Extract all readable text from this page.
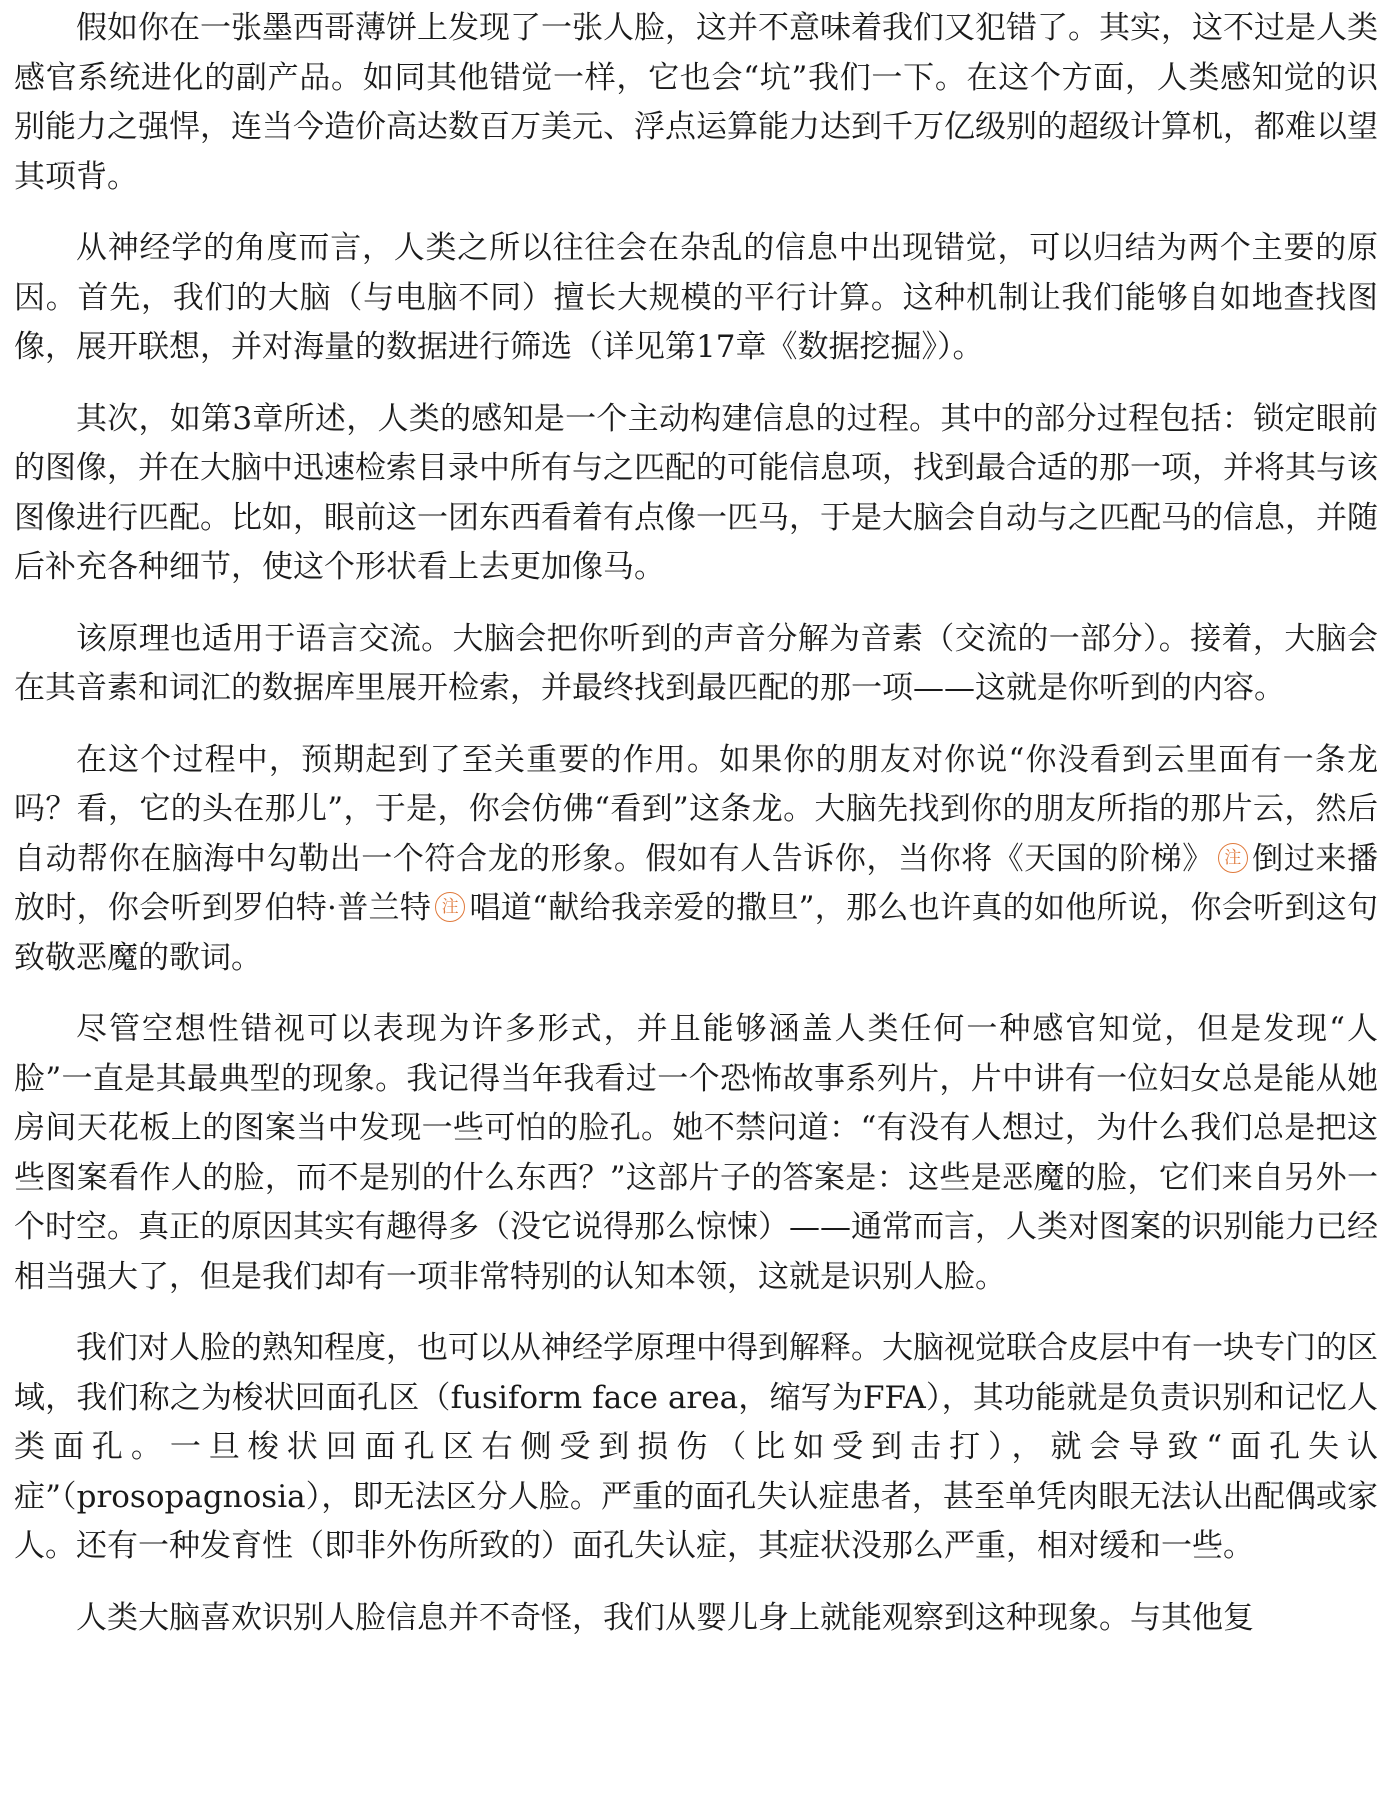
假如你在一张墨西哥薄饼上发现了一张人脸，这并不意味着我们又犯错了。其实，这不过是人类感官系统进化的副产品。如同其他错觉一样，它也会“坑”我们一下。在这个方面，人类感知觉的识别能力之强悍，连当今造价高达数百万美元、浮点运算能力达到千万亿级别的超级计算机，都难以望其项背。

从神经学的角度而言，人类之所以往往会在杂乱的信息中出现错觉，可以归结为两个主要的原因。首先，我们的大脑（与电脑不同）擅长大规模的平行计算。这种机制让我们能够自如地查找图像，展开联想，并对海量的数据进行筛选（详见第17章《数据挖掘》）。

其次，如第3章所述，人类的感知是一个主动构建信息的过程。其中的部分过程包括：锁定眼前的图像，并在大脑中迅速检索目录中所有与之匹配的可能信息项，找到最合适的那一项，并将其与该图像进行匹配。比如，眼前这一团东西看着有点像一匹马，于是大脑会自动与之匹配马的信息，并随后补充各种细节，使这个形状看上去更加像马。

该原理也适用于语言交流。大脑会把你听到的声音分解为音素（交流的一部分）。接着，大脑会在其音素和词汇的数据库里展开检索，并最终找到最匹配的那一项——这就是你听到的内容。

在这个过程中，预期起到了至关重要的作用。如果你的朋友对你说“你没看到云里面有一条龙吗？看，它的头在那儿”，于是，你会仿佛“看到”这条龙。大脑先找到你的朋友所指的那片云，然后自动帮你在脑海中勾勒出一个符合龙的形象。假如有人告诉你，当你将《天国的阶梯》 注 倒过来播放时，你会听到罗伯特·普兰特 注 唱道“献给我亲爱的撒旦”，那么也许真的如他所说，你会听到这句致敬恶魔的歌词。

尽管空想性错视可以表现为许多形式，并且能够涵盖人类任何一种感官知觉，但是发现“人脸”一直是其最典型的现象。我记得当年我看过一个恐怖故事系列片，片中讲有一位妇女总是能从她房间天花板上的图案当中发现一些可怕的脸孔。她不禁问道：“有没有人想过，为什么我们总是把这些图案看作人的脸，而不是别的什么东西？”这部片子的答案是：这些是恶魔的脸，它们来自另外一个时空。真正的原因其实有趣得多（没它说得那么惊悚）——通常而言，人类对图案的识别能力已经相当强大了，但是我们却有一项非常特别的认知本领，这就是识别人脸。

我们对人脸的熟知程度，也可以从神经学原理中得到解释。大脑视觉联合皮层中有一块专门的区域，我们称之为梭状回面孔区（fusiform face area，缩写为FFA），其功能就是负责识别和记忆人类面孔。一旦梭状回面孔区右侧受到损伤（比如受到击打），就会导致“面孔失认症”（prosopagnosia），即无法区分人脸。严重的面孔失认症患者，甚至单凭肉眼无法认出配偶或家人。还有一种发育性（即非外伤所致的）面孔失认症，其症状没那么严重，相对缓和一些。

人类大脑喜欢识别人脸信息并不奇怪，我们从婴儿身上就能观察到这种现象。与其他复
